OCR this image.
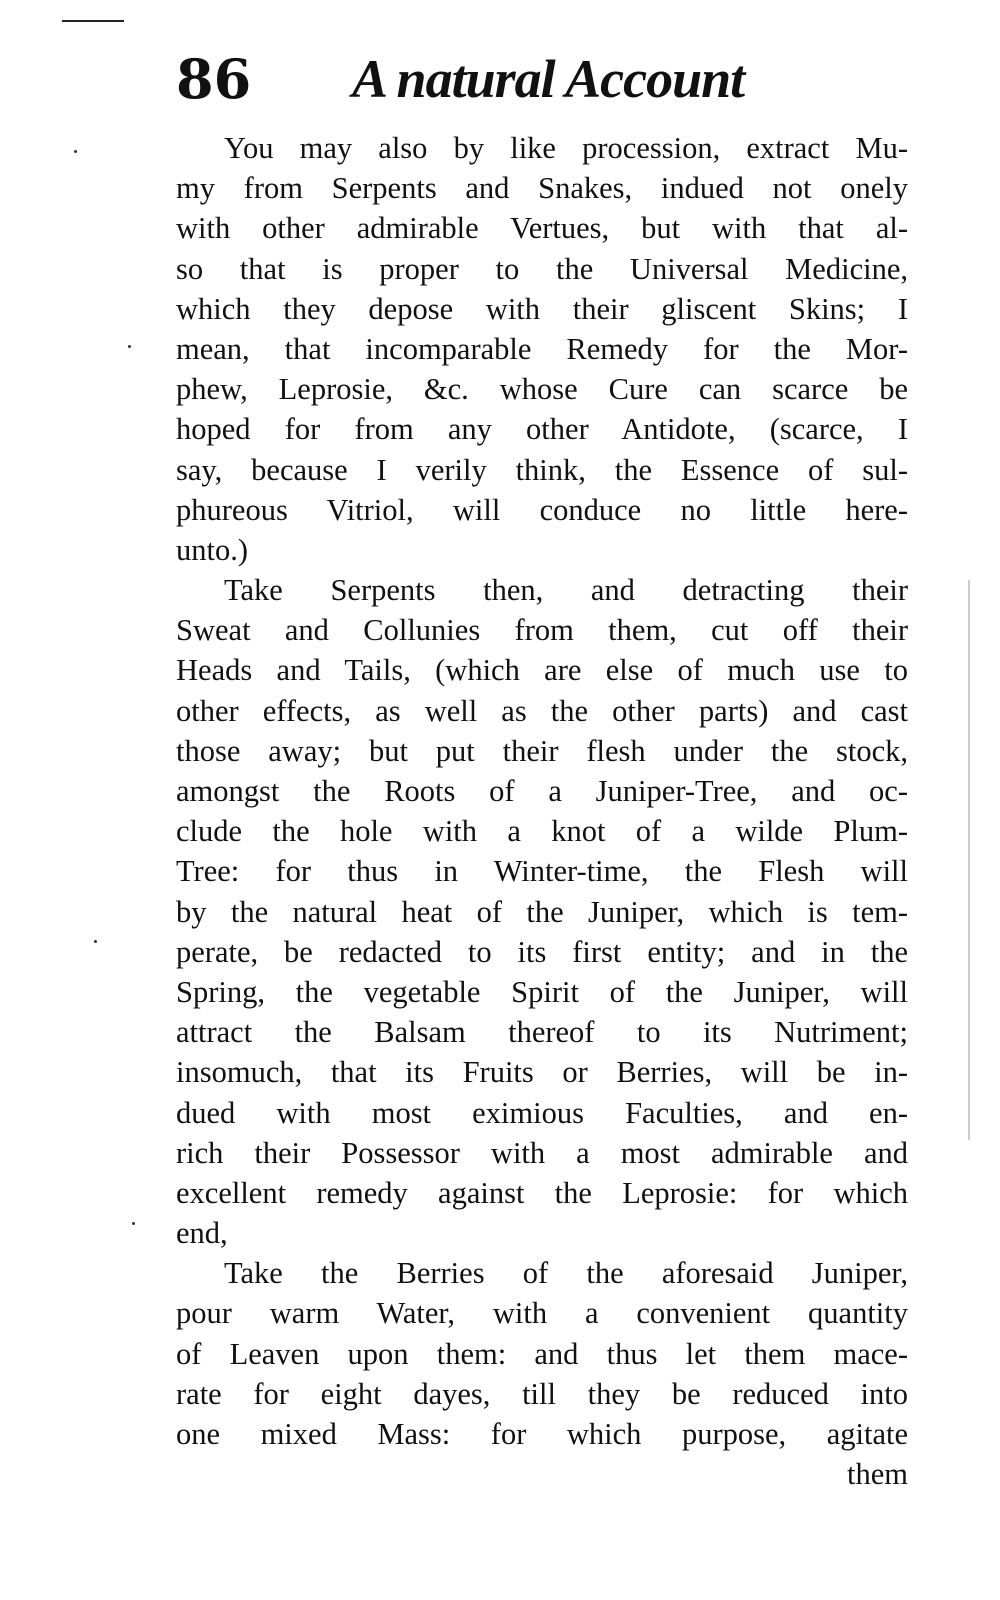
86 A natural Account
You may also by like procession, extract Mu-
my from Serpents and Snakes, indued not onely
with other admirable Vertues, but with that al-
so that is proper to the Universal Medicine,
which they depose with their gliscent Skins; I
mean, that incomparable Remedy for the Mor-
phew, Leprosie, &c. whose Cure can scarce be
hoped for from any other Antidote, (scarce, I
say, because I verily think, the Essence of sul-
phureous Vitriol, will conduce no little here-
unto.)
Take Serpents then, and detracting their
Sweat and Collunies from them, cut off their
Heads and Tails, (which are else of much use to
other effects, as well as the other parts) and cast
those away; but put their flesh under the stock,
amongst the Roots of a Juniper-Tree, and oc-
clude the hole with a knot of a wilde Plum-
Tree: for thus in Winter-time, the Flesh will
by the natural heat of the Juniper, which is tem-
perate, be redacted to its first entity; and in the
Spring, the vegetable Spirit of the Juniper, will
attract the Balsam thereof to its Nutriment;
insomuch, that its Fruits or Berries, will be in-
dued with most eximious Faculties, and en-
rich their Possessor with a most admirable and
excellent remedy against the Leprosie: for which
end,
Take the Berries of the aforesaid Juniper,
pour warm Water, with a convenient quantity
of Leaven upon them: and thus let them mace-
rate for eight dayes, till they be reduced into
one mixed Mass: for which purpose, agitate
them
